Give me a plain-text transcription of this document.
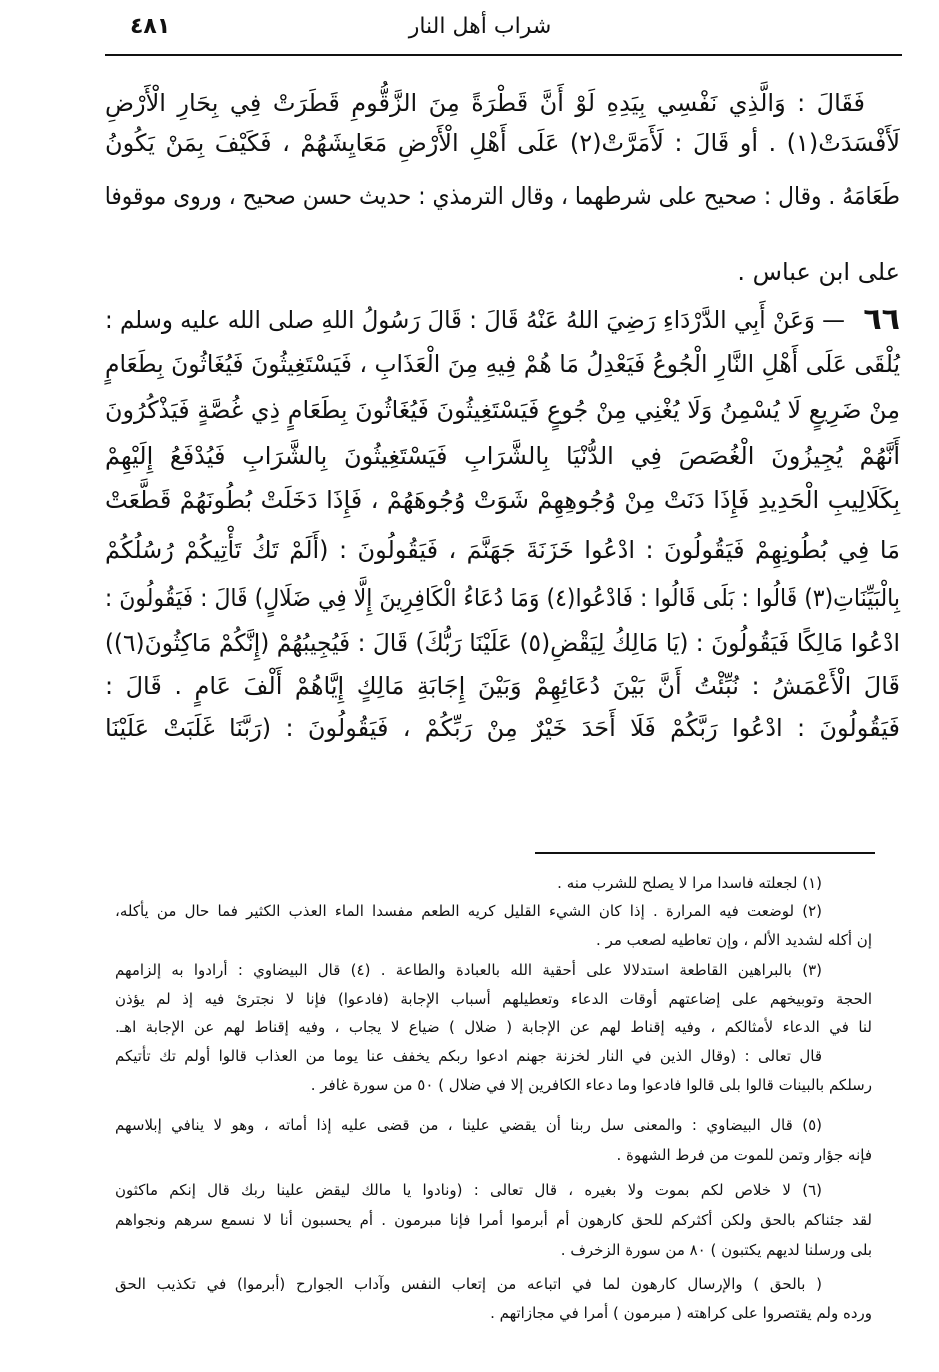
٤٨١	شراب أهل النار
فَقَالَ : وَالَّذِي نَفْسِي بِيَدِهِ لَوْ أَنَّ قَطْرَةً مِنَ الزَّقُّومِ قَطَرَتْ فِي بِحَارِ الْأَرْضِ
لَأَفْسَدَتْ(١) . أو قَالَ : لَأَمَرَّتْ(٢) عَلَى أَهْلِ الْأَرْضِ مَعَايِشَهُمْ ، فَكَيْفَ بِمَنْ يَكُونُ
طَعَامَهُ . وقال : صحيح على شرطهما ، وقال الترمذي : حديث حسن صحيح ، وروى موقوفا
على ابن عباس .
٦٦
— وَعَنْ أَبِي الدَّرْدَاءِ رَضِيَ اللهُ عَنْهُ قَالَ : قَالَ رَسُولُ اللهِ صلى الله عليه وسلم :
يُلْقَى عَلَى أَهْلِ النَّارِ الْجُوعُ فَيَعْدِلُ مَا هُمْ فِيهِ مِنَ الْعَذَابِ ، فَيَسْتَغِيثُونَ فَيُغَاثُونَ بِطَعَامٍ
مِنْ ضَرِيعٍ لَا يُسْمِنُ وَلَا يُغْنِي مِنْ جُوعٍ فَيَسْتَغِيثُونَ فَيُغَاثُونَ بِطَعَامٍ ذِي غُصَّةٍ فَيَذْكُرُونَ
أَنَّهُمْ يُجِيزُونَ الْغُصَصَ فِي الدُّنْيَا بِالشَّرَابِ فَيَسْتَغِيثُونَ بِالشَّرَابِ فَيُدْفَعُ إِلَيْهِمْ
بِكَلَالِيبِ الْحَدِيدِ فَإِذَا دَنَتْ مِنْ وُجُوهِهِمْ شَوَتْ وُجُوهَهُمْ ، فَإِذَا دَخَلَتْ بُطُونَهُمْ قَطَّعَتْ
مَا فِي بُطُونِهِمْ فَيَقُولُونَ : ادْعُوا خَزَنَةَ جَهَنَّمَ ، فَيَقُولُونَ : (أَلَمْ تَكُ تَأْتِيكُمْ رُسُلُكُمْ
بِالْبَيِّنَاتِ(٣) قَالُوا : بَلَى قَالُوا : فَادْعُوا(٤) وَمَا دُعَاءُ الْكَافِرِينَ إِلَّا فِي ضَلَالٍ) قَالَ : فَيَقُولُونَ :
ادْعُوا مَالِكًا فَيَقُولُونَ : (يَا مَالِكُ لِيَقْضِ(٥) عَلَيْنَا رَبُّكَ) قَالَ : فَيُجِيبُهُمْ (إِنَّكُمْ مَاكِثُونَ(٦))
قَالَ الْأَعْمَشُ : نُبِّئْتُ أَنَّ بَيْنَ دُعَائِهِمْ وَبَيْنَ إِجَابَةِ مَالِكٍ إِيَّاهُمْ أَلْفَ عَامٍ . قَالَ :
فَيَقُولُونَ : ادْعُوا رَبَّكُمْ فَلَا أَحَدَ خَيْرٌ مِنْ رَبِّكُمْ ، فَيَقُولُونَ : (رَبَّنَا غَلَبَتْ عَلَيْنَا
(١) لجعلته فاسدا مرا لا يصلح للشرب منه .
(٢) لوضعت فيه المرارة . إذا كان الشيء القليل كريه الطعم مفسدا الماء العذب الكثير فما حال من يأكله،
إن أكله لشديد الألم ، وإن تعاطيه لصعب مر .
(٣) بالبراهين القاطعة استدلالا على أحقية الله بالعبادة والطاعة . (٤) قال البيضاوي : أرادوا به إلزامهم
الحجة وتوبيخهم على إضاعتهم أوقات الدعاء وتعطيلهم أسباب الإجابة (فادعوا) فإنا لا نجترئ فيه إذ لم يؤذن
لنا في الدعاء لأمثالكم ، وفيه إقناط لهم عن الإجابة ( ضلال ) ضياع لا يجاب ، وفيه إقناط لهم عن الإجابة اهـ.
قال تعالى : (وقال الذين في النار لخزنة جهنم ادعوا ربكم يخفف عنا يوما من العذاب قالوا أولم تك تأتيكم
رسلكم بالبينات قالوا بلى قالوا فادعوا وما دعاء الكافرين إلا في ضلال ) ٥٠ من سورة غافر .
(٥) قال البيضاوي : والمعنى سل ربنا أن يقضي علينا ، من قضى عليه إذا أماته ، وهو لا ينافي إبلاسهم
فإنه جؤار وتمن للموت من فرط الشهوة .
(٦) لا خلاص لكم بموت ولا بغيره ، قال تعالى : (ونادوا يا مالك ليقض علينا ربك قال إنكم ماكثون
لقد جئناكم بالحق ولكن أكثركم للحق كارهون أم أبرموا أمرا فإنا مبرمون . أم يحسبون أنا لا نسمع سرهم ونجواهم
بلى ورسلنا لديهم يكتبون ) ٨٠ من سورة الزخرف .
( بالحق ) والإرسال كارهون لما في اتباعه من إتعاب النفس وآداب الجوارح (أبرموا) في تكذيب الحق
ورده ولم يقتصروا على كراهته ( مبرمون ) أمرا في مجازاتهم .
